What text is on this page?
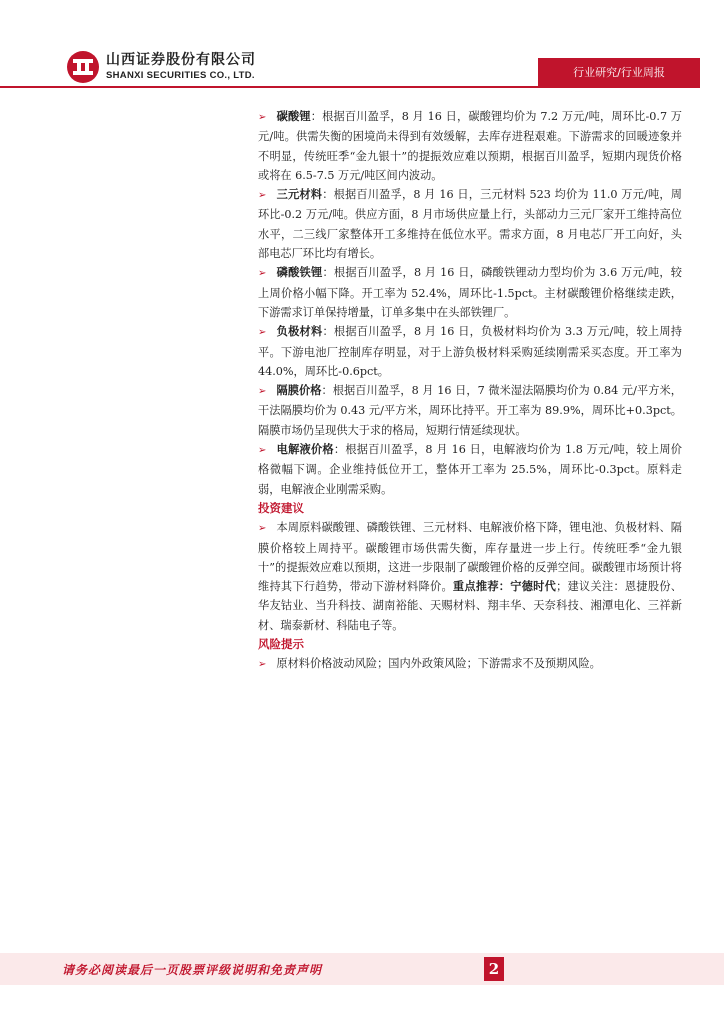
山西证券股份有限公司
SHANXI SECURITIES CO., LTD.	行业研究/行业周报
➢ 碳酸锂：根据百川盈孚，8 月 16 日，碳酸锂均价为 7.2 万元/吨，周环比-0.7 万元/吨。供需失衡的困境尚未得到有效缓解，去库存进程艰难。下游需求的回暖迹象并不明显，传统旺季“金九银十”的提振效应难以预期，根据百川盈孚，短期内现货价格或将在 6.5-7.5 万元/吨区间内波动。
➢ 三元材料：根据百川盈孚，8 月 16 日，三元材料 523 均价为 11.0 万元/吨，周环比-0.2 万元/吨。供应方面，8 月市场供应量上行，头部动力三元厂家开工维持高位水平，二三线厂家整体开工多维持在低位水平。需求方面，8 月电芯厂开工向好，头部电芯厂环比均有增长。
➢ 磷酸铁锂：根据百川盈孚，8 月 16 日，磷酸铁锂动力型均价为 3.6 万元/吨，较上周价格小幅下降。开工率为 52.4%，周环比-1.5pct。主材碳酸锂价格继续走跌，下游需求订单保持增量，订单多集中在头部铁锂厂。
➢ 负极材料：根据百川盈孚，8 月 16 日，负极材料均价为 3.3 万元/吨，较上周持平。下游电池厂控制库存明显，对于上游负极材料采购延续刚需采买态度。开工率为 44.0%，周环比-0.6pct。
➢ 隔膜价格：根据百川盈孚，8 月 16 日，7 微米湿法隔膜均价为 0.84 元/平方米，干法隔膜均价为 0.43 元/平方米，周环比持平。开工率为 89.9%，周环比+0.3pct。隔膜市场仍呈现供大于求的格局，短期行情延续现状。
➢ 电解液价格：根据百川盈孚，8 月 16 日，电解液均价为 1.8 万元/吨，较上周价格微幅下调。企业维持低位开工，整体开工率为 25.5%，周环比-0.3pct。原料走弱，电解液企业刚需采购。
投资建议
➢ 本周原料碳酸锂、磷酸铁锂、三元材料、电解液价格下降，锂电池、负极材料、隔膜价格较上周持平。碳酸锂市场供需失衡，库存量进一步上行。传统旺季“金九银十”的提振效应难以预期，这进一步限制了碳酸锂价格的反弹空间。碳酸锂市场预计将维持其下行趋势，带动下游材料降价。重点推荐：宁德时代；建议关注：恩捷股份、华友钴业、当升科技、湖南裕能、天赐材料、翔丰华、天奈科技、湘潭电化、三祥新材、瑞泰新材、科陆电子等。
风险提示
➢ 原材料价格波动风险；国内外政策风险；下游需求不及预期风险。
请务必阅读最后一页股票评级说明和免责声明	2
